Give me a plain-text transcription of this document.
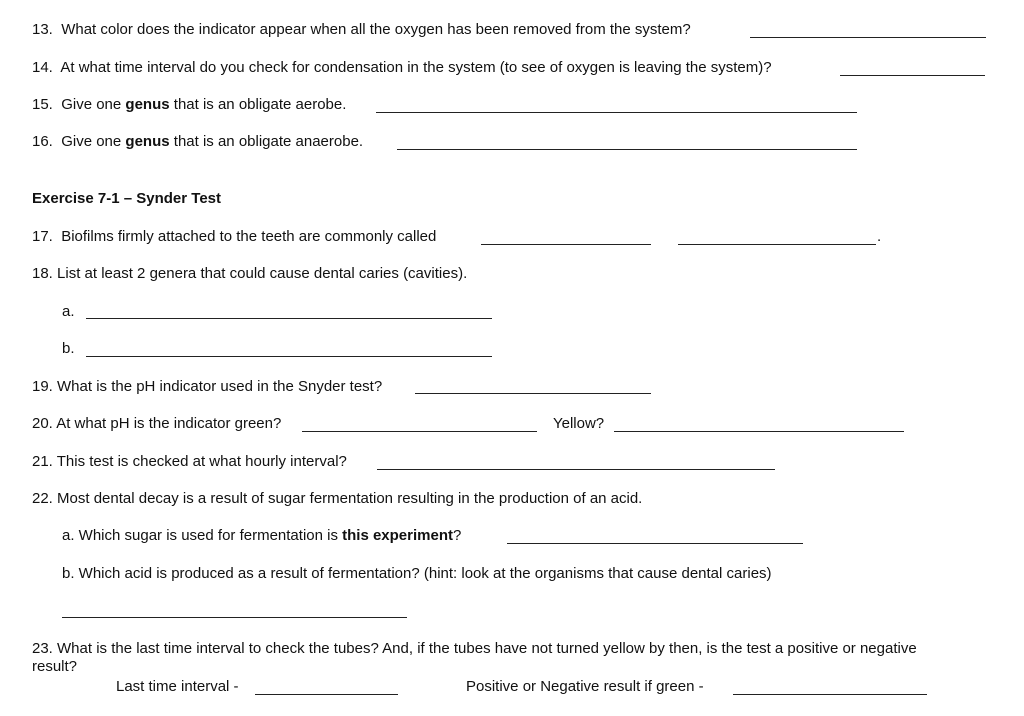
13. What color does the indicator appear when all the oxygen has been removed from the system?
14. At what time interval do you check for condensation in the system (to see of oxygen is leaving the system)?
15. Give one genus that is an obligate aerobe.
16. Give one genus that is an obligate anaerobe.
Exercise 7-1 – Synder Test
17. Biofilms firmly attached to the teeth are commonly called	.
18. List at least 2 genera that could cause dental caries (cavities).
a.
b.
19. What is the pH indicator used in the Snyder test?
20. At what pH is the indicator green?	Yellow?
21. This test is checked at what hourly interval?
22. Most dental decay is a result of sugar fermentation resulting in the production of an acid.
a. Which sugar is used for fermentation is this experiment?
b. Which acid is produced as a result of fermentation? (hint: look at the organisms that cause dental caries)
23. What is the last time interval to check the tubes? And, if the tubes have not turned yellow by then, is the test a positive or negative
result?
Last time interval -	Positive or Negative result if green -
